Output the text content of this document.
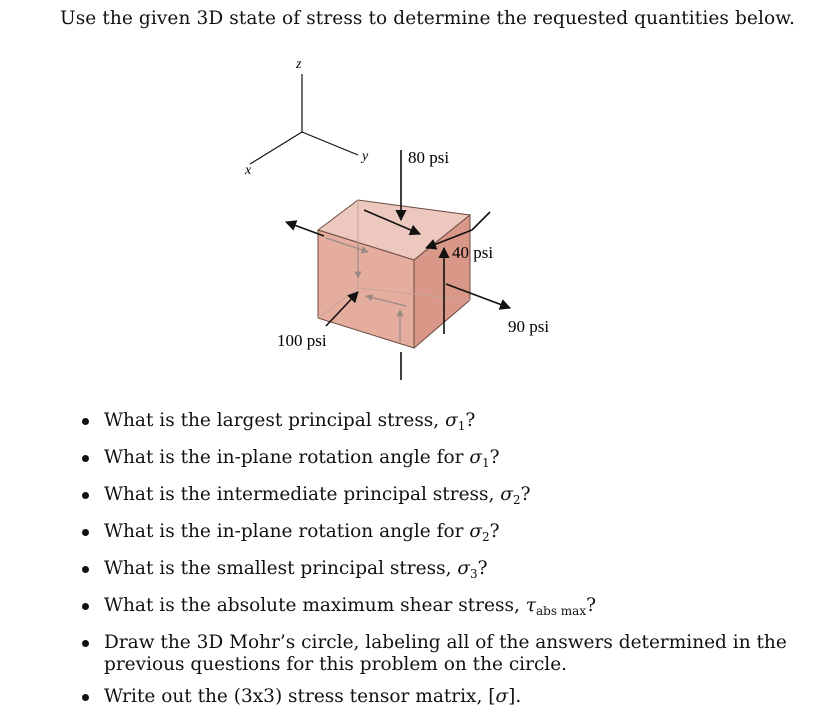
Use the given 3D state of stress to determine the requested quantities below.
z
y
x
80 psi
40 psi
90 psi
100 psi
What is the largest principal stress, $\sigma_1$?
What is the in-plane rotation angle for $\sigma_1$?
What is the intermediate principal stress, $\sigma_2$?
What is the in-plane rotation angle for $\sigma_2$?
What is the smallest principal stress, $\sigma_3$?
What is the absolute maximum shear stress, $\tau_{abs max}$?
Draw the 3D Mohr’s circle, labeling all of the answers determined in the previous questions for this problem on the circle.
Write out the (3x3) stress tensor matrix, [σ].
